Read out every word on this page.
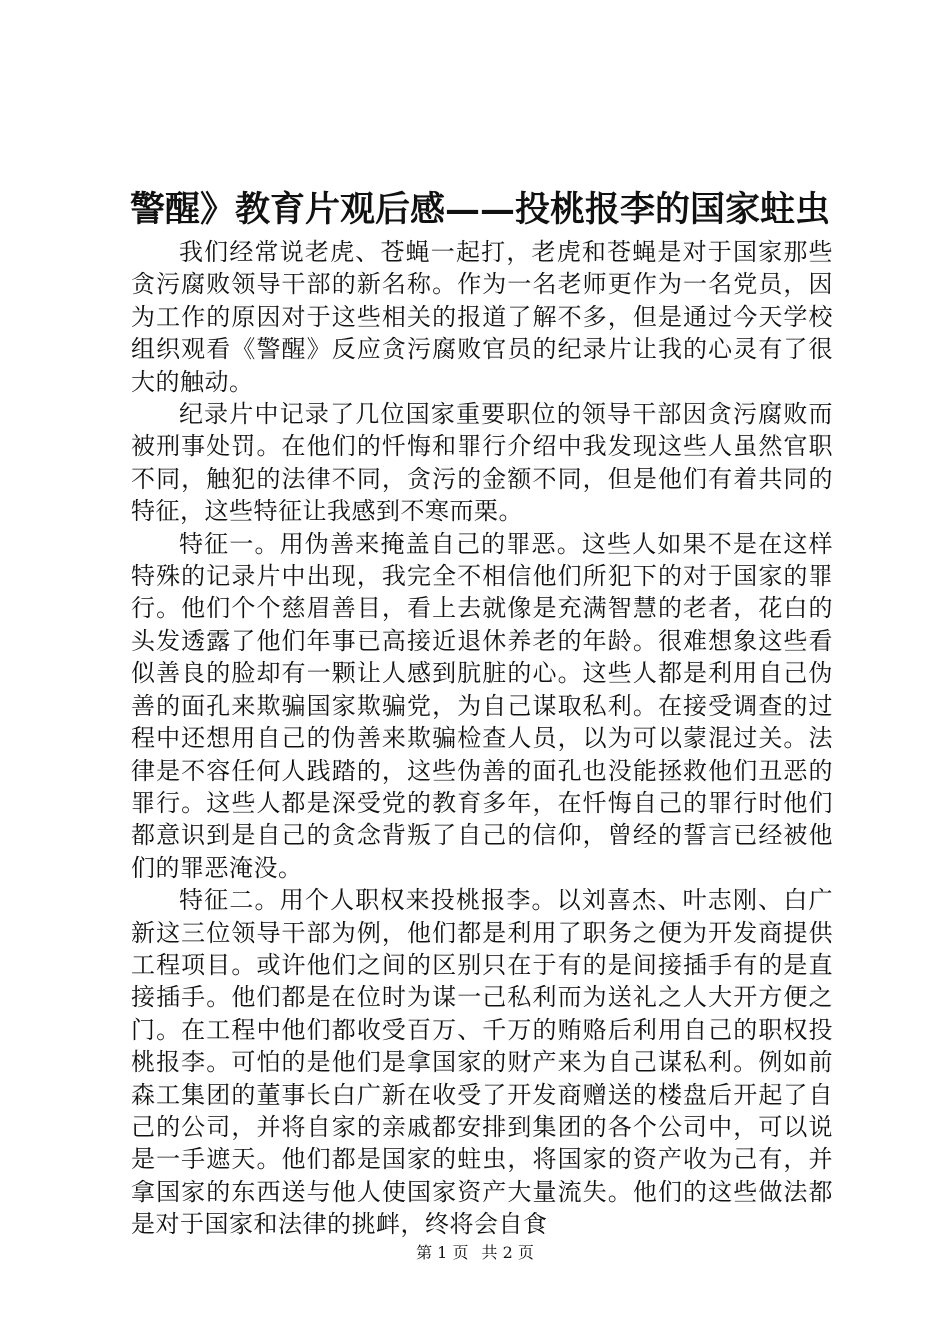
警醒》教育片观后感——投桃报李的国家蛀虫

我们经常说老虎、苍蝇一起打，老虎和苍蝇是对于国家那些贪污腐败领导干部的新名称。作为一名老师更作为一名党员，因为工作的原因对于这些相关的报道了解不多，但是通过今天学校组织观看《警醒》反应贪污腐败官员的纪录片让我的心灵有了很大的触动。

纪录片中记录了几位国家重要职位的领导干部因贪污腐败而被刑事处罚。在他们的忏悔和罪行介绍中我发现这些人虽然官职不同，触犯的法律不同，贪污的金额不同，但是他们有着共同的特征，这些特征让我感到不寒而栗。

特征一。用伪善来掩盖自己的罪恶。这些人如果不是在这样特殊的记录片中出现，我完全不相信他们所犯下的对于国家的罪行。他们个个慈眉善目，看上去就像是充满智慧的老者，花白的头发透露了他们年事已高接近退休养老的年龄。很难想象这些看似善良的脸却有一颗让人感到肮脏的心。这些人都是利用自己伪善的面孔来欺骗国家欺骗党，为自己谋取私利。在接受调查的过程中还想用自己的伪善来欺骗检查人员，以为可以蒙混过关。法律是不容任何人践踏的，这些伪善的面孔也没能拯救他们丑恶的罪行。这些人都是深受党的教育多年，在忏悔自己的罪行时他们都意识到是自己的贪念背叛了自己的信仰，曾经的誓言已经被他们的罪恶淹没。

特征二。用个人职权来投桃报李。以刘喜杰、叶志刚、白广新这三位领导干部为例，他们都是利用了职务之便为开发商提供工程项目。或许他们之间的区别只在于有的是间接插手有的是直接插手。他们都是在位时为谋一己私利而为送礼之人大开方便之门。在工程中他们都收受百万、千万的贿赂后利用自己的职权投桃报李。可怕的是他们是拿国家的财产来为自己谋私利。例如前森工集团的董事长白广新在收受了开发商赠送的楼盘后开起了自己的公司，并将自家的亲戚都安排到集团的各个公司中，可以说是一手遮天。他们都是国家的蛀虫，将国家的资产收为己有，并拿国家的东西送与他人使国家资产大量流失。他们的这些做法都是对于国家和法律的挑衅，终将会自食

第 1 页 共 2 页
